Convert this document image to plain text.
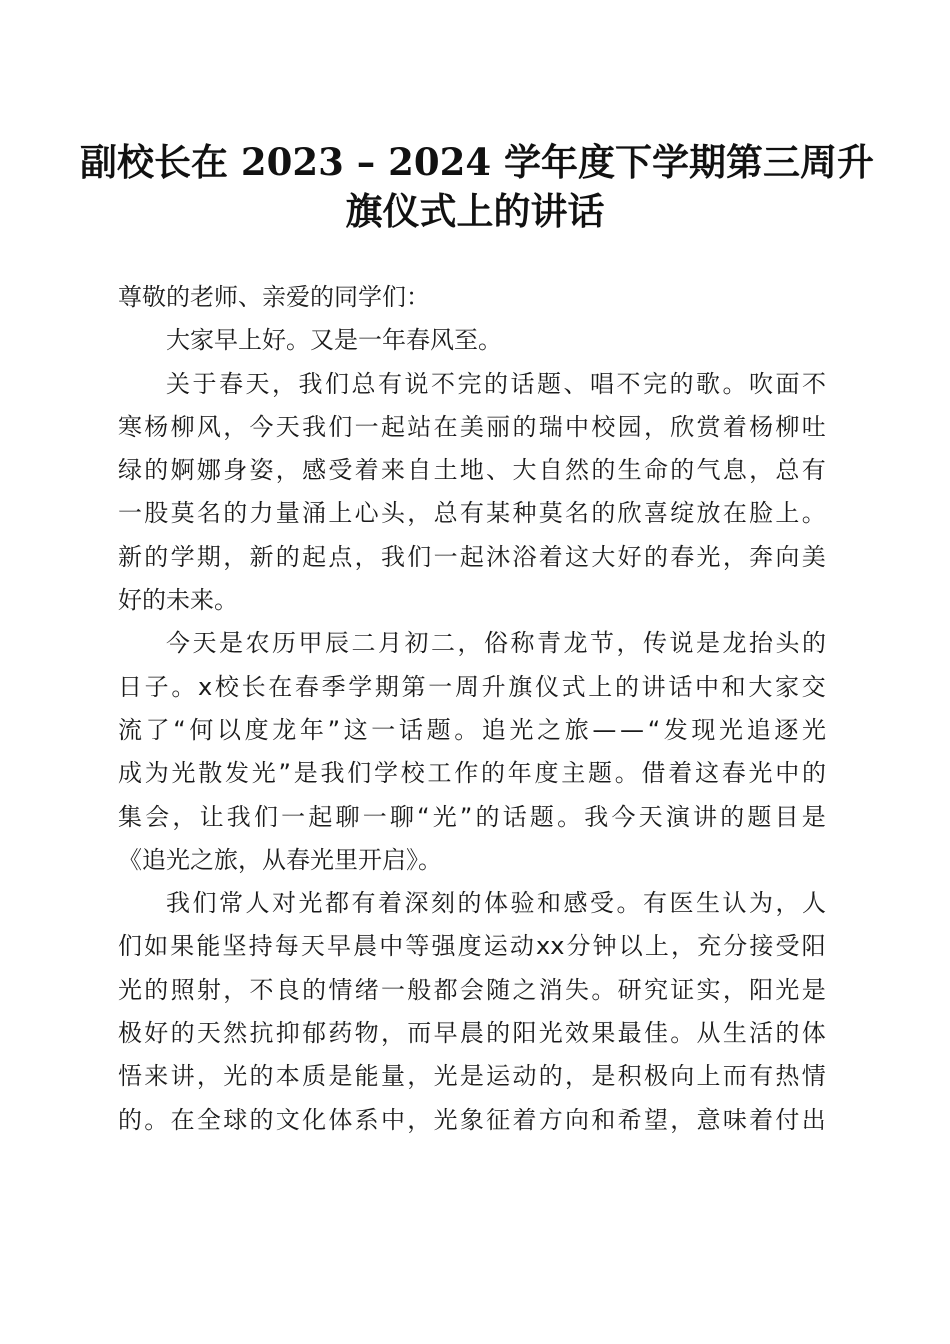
副校长在 2023 – 2024 学年度下学期第三周升
旗仪式上的讲话
尊敬的老师、亲爱的同学们：
大家早上好。又是一年春风至。
关 于 春 天 ， 我 们 总 有 说 不 完 的 话 题 、 唱 不 完 的 歌 。 吹 面 不
寒 杨 柳 风 ， 今 天 我 们 一 起 站 在 美 丽 的 瑞 中 校 园 ， 欣 赏 着 杨 柳 吐
绿 的 婀 娜 身 姿 ， 感 受 着 来 自 土 地 、 大 自 然 的 生 命 的 气 息 ， 总 有
一 股 莫 名 的 力 量 涌 上 心 头 ， 总 有 某 种 莫 名 的 欣 喜 绽 放 在 脸 上 。
新 的 学 期 ， 新 的 起 点 ， 我 们 一 起 沐 浴 着 这 大 好 的 春 光 ， 奔 向 美
好的未来。
今 天 是 农 历 甲 辰 二 月 初 二 ， 俗 称 青 龙 节 ， 传 说 是 龙 抬 头 的
日 子 。 x 校 长 在 春 季 学 期 第 一 周 升 旗 仪 式 上 的 讲 话 中 和 大 家 交
流 了 “ 何 以 度 龙 年 ” 这 一 话 题 。 追 光 之 旅 — — “ 发 现 光 追 逐 光
成 为 光 散 发 光 ” 是 我 们 学 校 工 作 的 年 度 主 题 。 借 着 这 春 光 中 的
集 会 ， 让 我 们 一 起 聊 一 聊 “ 光 ” 的 话 题 。 我 今 天 演 讲 的 题 目 是
《追光之旅，从春光里开启》。
我 们 常 人 对 光 都 有 着 深 刻 的 体 验 和 感 受 。 有 医 生 认 为 ， 人
们 如 果 能 坚 持 每 天 早 晨 中 等 强 度 运 动 xx 分 钟 以 上 ， 充 分 接 受 阳
光 的 照 射 ， 不 良 的 情 绪 一 般 都 会 随 之 消 失 。 研 究 证 实 ， 阳 光 是
极 好 的 天 然 抗 抑 郁 药 物 ， 而 早 晨 的 阳 光 效 果 最 佳 。 从 生 活 的 体
悟 来 讲 ， 光 的 本 质 是 能 量 ， 光 是 运 动 的 ， 是 积 极 向 上 而 有 热 情
的 。 在 全 球 的 文 化 体 系 中 ， 光 象 征 着 方 向 和 希 望 ， 意 味 着 付 出
